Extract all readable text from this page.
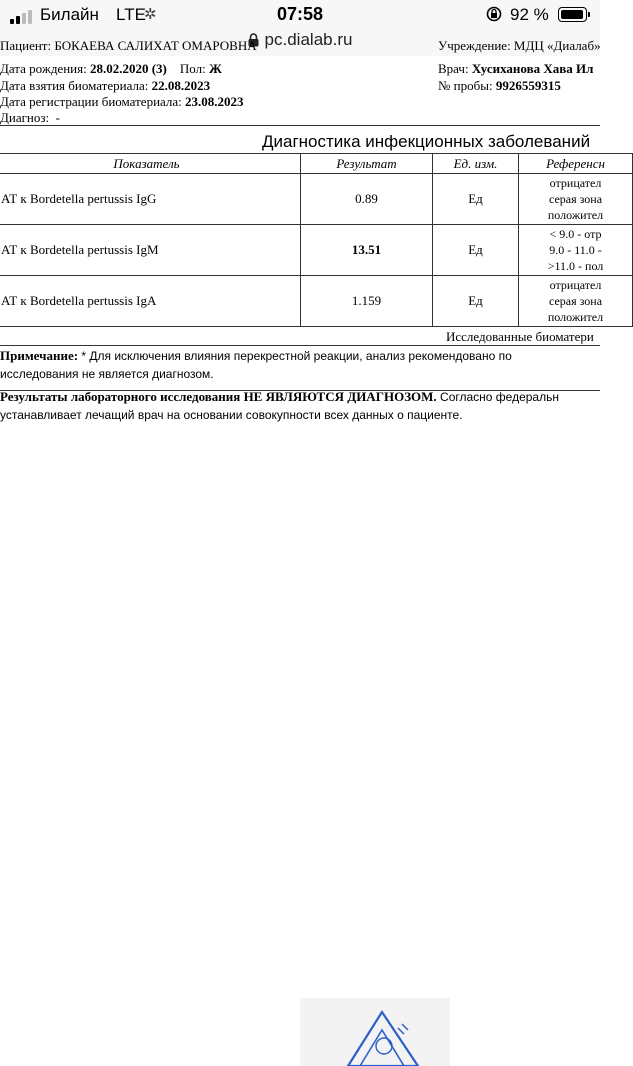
Билайн LTE
✲	07:58	92 %
pc.dialab.ru
Пациент: БОКАЕВА САЛИХАТ ОМАРОВНА	Учреждение: МДЦ «Диалаб»
Дата рождения: 28.02.2020 (3) Пол: Ж
Дата взятия биоматериала: 22.08.2023
Дата регистрации биоматериала: 23.08.2023
Диагноз: -
Врач: Хусиханова Хава Ил
№ пробы: 9926559315
Диагностика инфекционных заболеваний
Показатель	Результат	Ед. изм.	Референсн
АТ к Bordetella pertussis IgG	0.89	Ед	отрицател
серая зона
положител

АТ к Bordetella pertussis IgM	13.51	Ед	< 9.0 - отр
9.0 - 11.0 -
>11.0 - пол

АТ к Bordetella pertussis IgA	1.159	Ед	отрицател
серая зона
положител
Исследованные биоматери
Примечание: * Для исключения влияния перекрестной реакции, анализ рекомендовано по
исследования не является диагнозом.
Результаты лабораторного исследования НЕ ЯВЛЯЮТСЯ ДИАГНОЗОМ. Согласно федеральн
устанавливает лечащий врач на основании совокупности всех данных о пациенте.
